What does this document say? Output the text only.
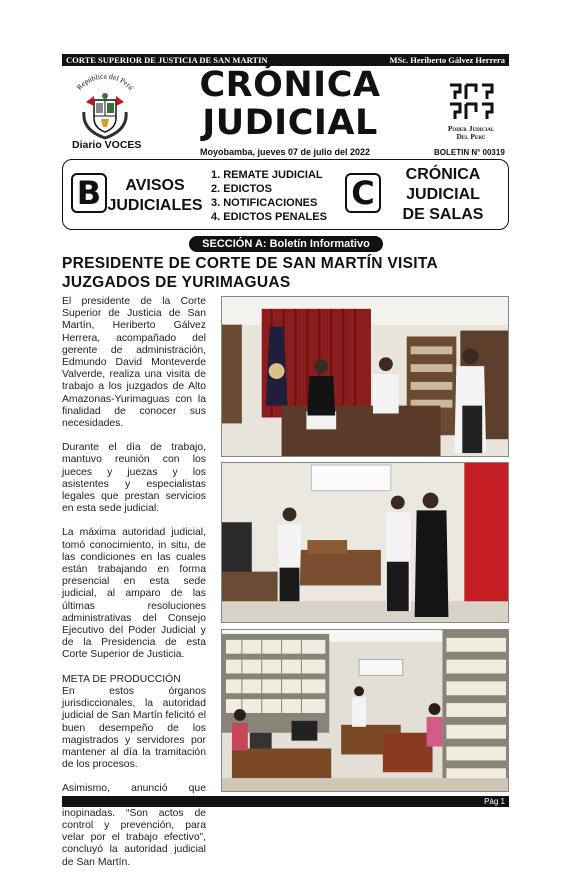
CORTE SUPERIOR DE JUSTICIA DE SAN MARTIN	MSc. Heriberto Gálvez Herrera
República del Perú
Diario VOCES
CRÓNICA
JUDICIAL
Moyobamba, jueves 07 de julio del 2022
Poder Judicial
Del Perú
BOLETIN N° 00319
B	AVISOS
JUDICIALES
1. REMATE JUDICIAL
2. EDICTOS
3. NOTIFICACIONES
4. EDICTOS PENALES
C	CRÓNICA
JUDICIAL
DE SALAS
SECCIÓN A: Boletín Informativo
PRESIDENTE DE CORTE DE SAN MARTÍN VISITA JUZGADOS DE YURIMAGUAS

El presidente de la Corte Superior de Justicia de San Martín, Heriberto Gálvez Herrera, acompañado del gerente de administración, Edmundo David Monteverde Valverde, realiza una visita de trabajo a los juzgados de Alto Amazonas-Yurimaguas con la finalidad de conocer sus necesidades.

Durante el día de trabajo, mantuvo reunión con los jueces y juezas y los asistentes y especialistas legales que prestan servicios en esta sede judicial.

La máxima autoridad judicial, tomó conocimiento, in situ, de las condiciones en las cuales están trabajando en forma presencial en esta sede judicial, al amparo de las últimas resoluciones administrativas del Consejo Ejecutivo del Poder Judicial y de la Presidencia de esta Corte Superior de Justicia.

META DE PRODUCCIÓN

En estos órganos jurisdiccionales, la autoridad judicial de San Martín felicitó el buen desempeño de los magistrados y servidores por mantener al día la tramitación de los procesos.

Asimismo, anunció que inopinadas. “Son actos de control y prevención, para velar por el trabajo efectivo”, concluyó la autoridad judicial de San Martín.

Pág 1
